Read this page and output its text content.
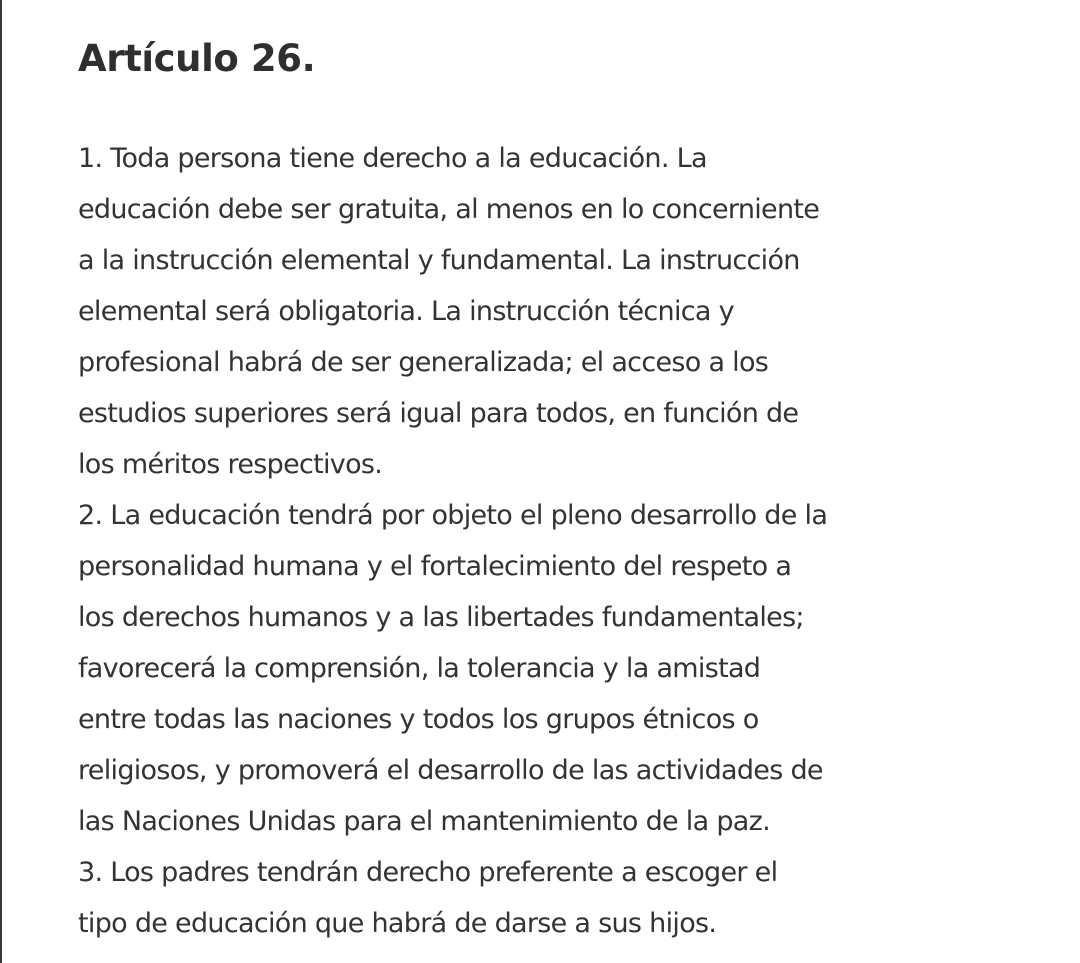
Artículo 26.
1. Toda persona tiene derecho a la educación. La
educación debe ser gratuita, al menos en lo concerniente
a la instrucción elemental y fundamental. La instrucción
elemental será obligatoria. La instrucción técnica y
profesional habrá de ser generalizada; el acceso a los
estudios superiores será igual para todos, en función de
los méritos respectivos.
2. La educación tendrá por objeto el pleno desarrollo de la
personalidad humana y el fortalecimiento del respeto a
los derechos humanos y a las libertades fundamentales;
favorecerá la comprensión, la tolerancia y la amistad
entre todas las naciones y todos los grupos étnicos o
religiosos, y promoverá el desarrollo de las actividades de
las Naciones Unidas para el mantenimiento de la paz.
3. Los padres tendrán derecho preferente a escoger el
tipo de educación que habrá de darse a sus hijos.
